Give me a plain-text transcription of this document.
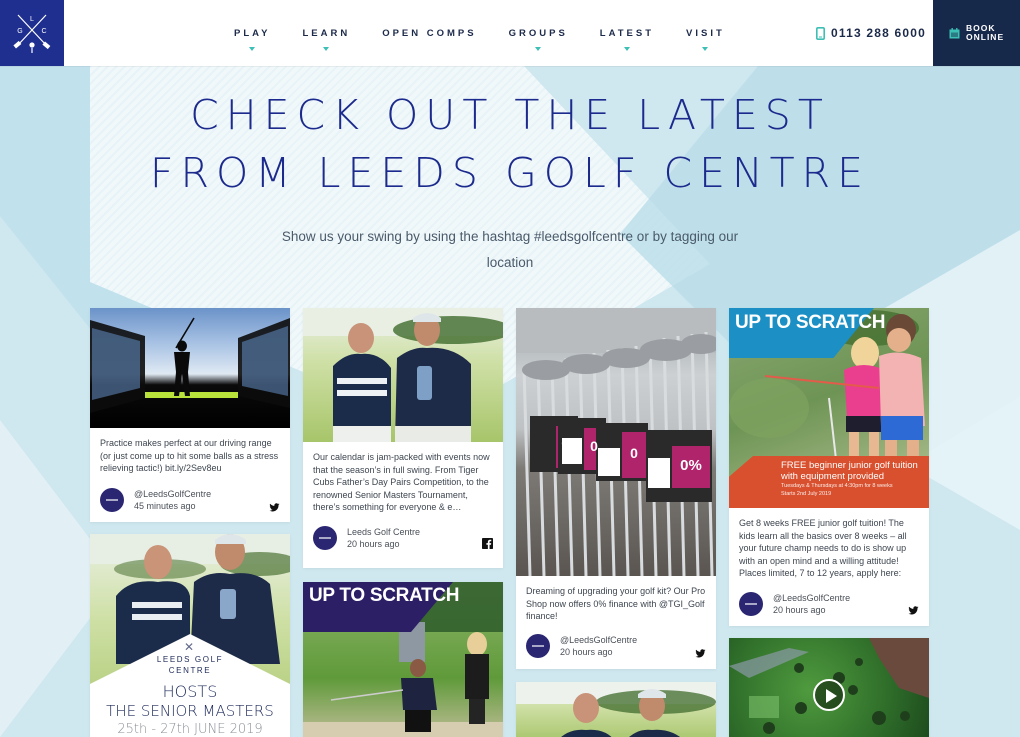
L
G	C	PLAY	LEARN	OPEN COMPS	GROUPS	LATEST	VISIT	0113 288 6000	BOOK
ONLINE
CHECK OUT THE LATEST
FROM LEEDS GOLF CENTRE

Show us your swing by using the hashtag #leedsgolfcentre or by tagging our location

Practice makes perfect at our driving range (or just come up to hit some balls as a stress relieving tactic!) bit.ly/2Sev8eu
@LeedsGolfCentre
45 minutes ago
✕
LEEDS GOLF
CENTRE
HOSTS
THE SENIOR MASTERS
25th - 27th JUNE 2019
Our calendar is jam-packed with events now that the season’s in full swing. From Tiger Cubs Father’s Day Pairs Competition, to the renowned Senior Masters Tournament, there’s something for everyone & e…
Leeds Golf Centre
20 hours ago
UP TO SCRATCH
0%
0
0
0
Dreaming of upgrading your golf kit? Our Pro Shop now offers 0% finance with @TGI_Golf finance!
@LeedsGolfCentre
20 hours ago
UP TO SCRATCH
FREE beginner junior golf tuition
with equipment provided
Tuesdays & Thursdays at 4:30pm for 8 weeks
Starts 2nd July 2019
Get 8 weeks FREE junior golf tuition! The kids learn all the basics over 8 weeks – all your future champ needs to do is show up with an open mind and a willing attitude! Places limited, 7 to 12 years, apply here:
@LeedsGolfCentre
20 hours ago
